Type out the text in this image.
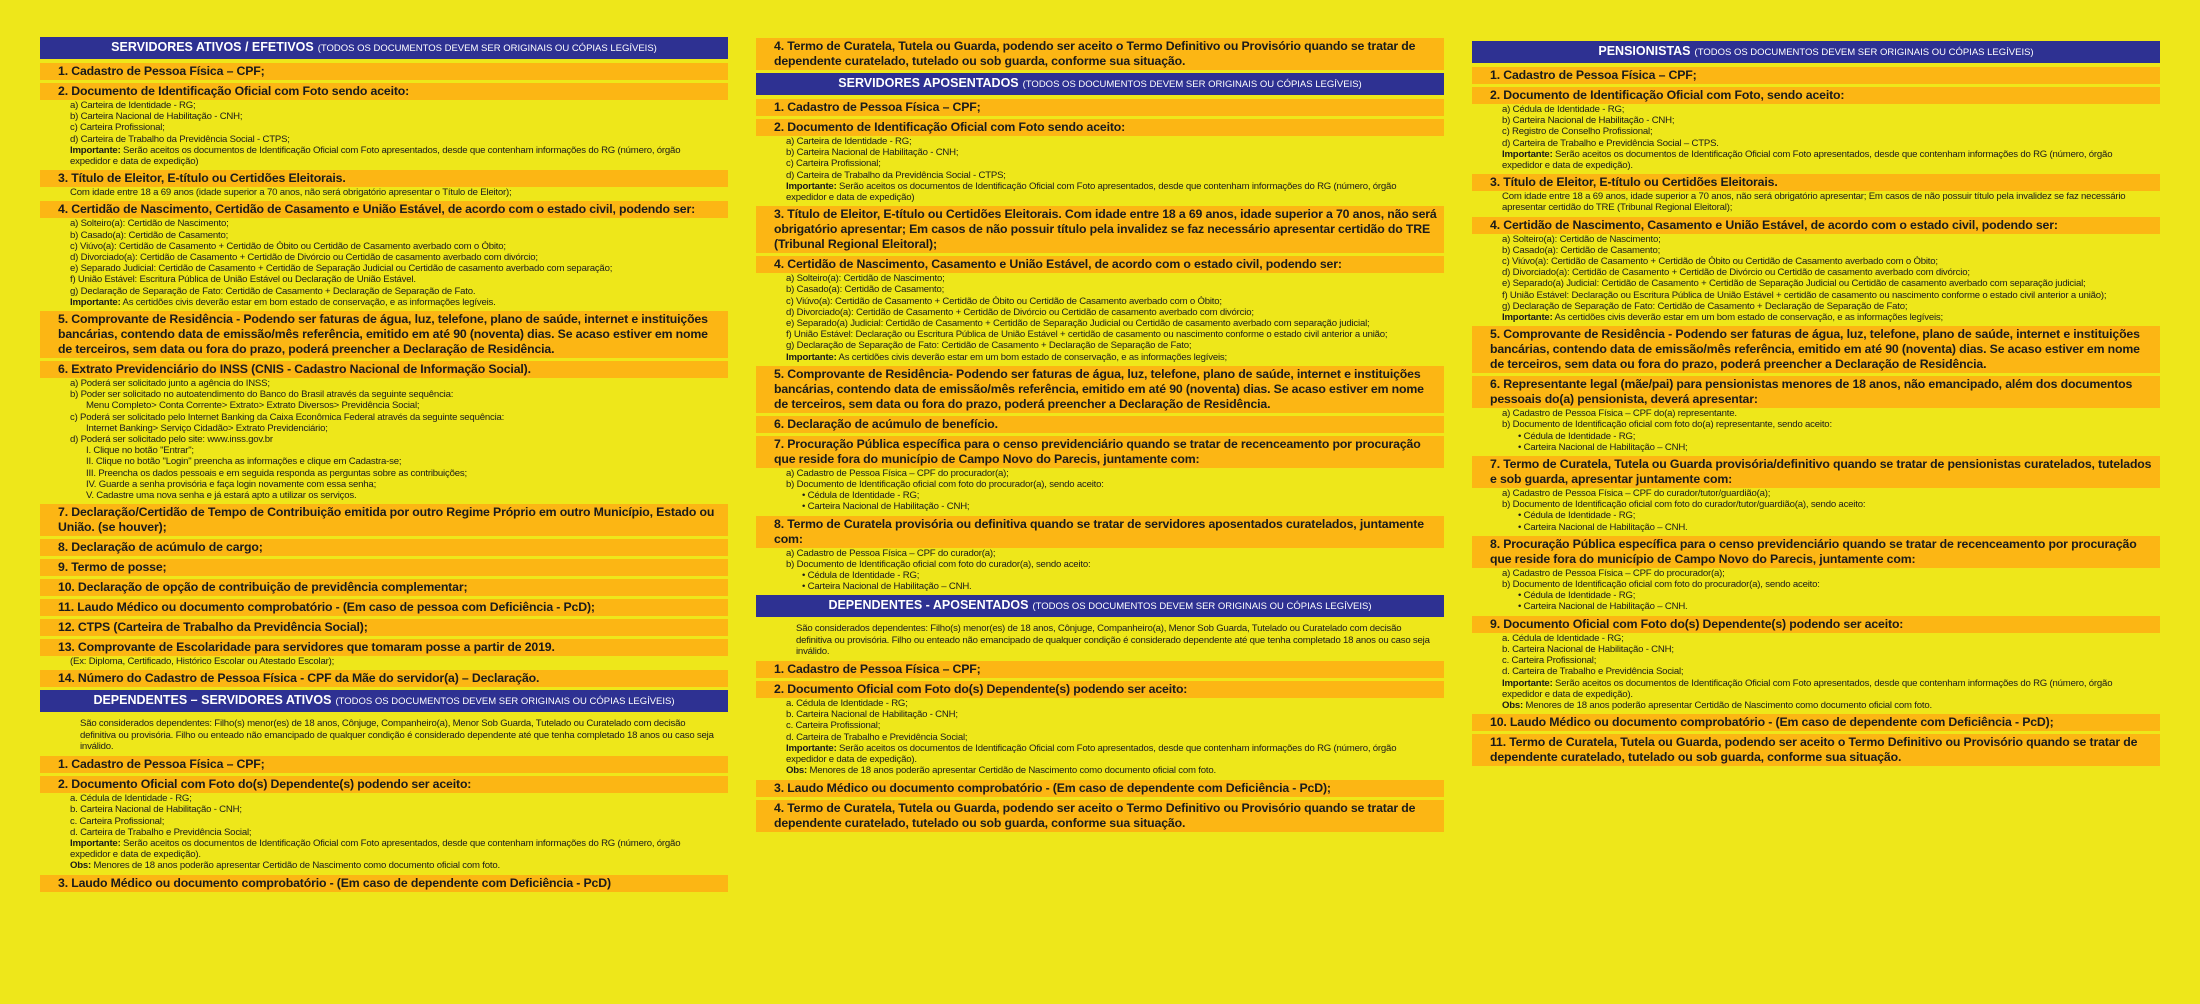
SERVIDORES ATIVOS / EFETIVOS (TODOS OS DOCUMENTOS DEVEM SER ORIGINAIS OU CÓPIAS LEGÍVEIS)
1. Cadastro de Pessoa Física – CPF;
2. Documento de Identificação Oficial com Foto sendo aceito:
a) Carteira de Identidade - RG;
b) Carteira Nacional de Habilitação - CNH;
c) Carteira Profissional;
d) Carteira de Trabalho da Previdência Social - CTPS;
Importante: Serão aceitos os documentos de Identificação Oficial com Foto apresentados, desde que contenham informações do RG (número, órgão
expedidor e data de expedição)
3. Título de Eleitor, E-título ou Certidões Eleitorais.
Com idade entre 18 a 69 anos (idade superior a 70 anos, não será obrigatório apresentar o Título de Eleitor);
4. Certidão de Nascimento, Certidão de Casamento e União Estável, de acordo com o estado civil, podendo ser:
a) Solteiro(a): Certidão de Nascimento;
b) Casado(a): Certidão de Casamento;
c) Viúvo(a): Certidão de Casamento + Certidão de Óbito ou Certidão de Casamento averbado com o Óbito;
d) Divorciado(a): Certidão de Casamento + Certidão de Divórcio ou Certidão de casamento averbado com divórcio;
e) Separado Judicial: Certidão de Casamento + Certidão de Separação Judicial ou Certidão de casamento averbado com separação;
f) União Estável: Escritura Pública de União Estável ou Declaração de União Estável.
g) Declaração de Separação de Fato: Certidão de Casamento + Declaração de Separação de Fato.
Importante: As certidões civis deverão estar em bom estado de conservação, e as informações legíveis.
5. Comprovante de Residência - Podendo ser faturas de água, luz, telefone, plano de saúde, internet e instituições bancárias, contendo data de emissão/mês referência, emitido em até 90 (noventa) dias. Se acaso estiver em nome de terceiros, sem data ou fora do prazo, poderá preencher a Declaração de Residência.
6. Extrato Previdenciário do INSS (CNIS - Cadastro Nacional de Informação Social).
a) Poderá ser solicitado junto a agência do INSS;
b) Poder ser solicitado no autoatendimento do Banco do Brasil através da seguinte sequência:
Menu Completo> Conta Corrente> Extrato> Extrato Diversos> Previdência Social;
c) Poderá ser solicitado pelo Internet Banking da Caixa Econômica Federal através da seguinte sequência:
Internet Banking> Serviço Cidadão> Extrato Previdenciário;
d) Poderá ser solicitado pelo site: www.inss.gov.br
I. Clique no botão "Entrar";
II. Clique no botão "Login" preencha as informações e clique em Cadastra-se;
III. Preencha os dados pessoais e em seguida responda as perguntas sobre as contribuições;
IV. Guarde a senha provisória e faça login novamente com essa senha;
V. Cadastre uma nova senha e já estará apto a utilizar os serviços.
7. Declaração/Certidão de Tempo de Contribuição emitida por outro Regime Próprio em outro Município, Estado ou União. (se houver);
8. Declaração de acúmulo de cargo;
9. Termo de posse;
10. Declaração de opção de contribuição de previdência complementar;
11. Laudo Médico ou documento comprobatório - (Em caso de pessoa com Deficiência - PcD);
12. CTPS (Carteira de Trabalho da Previdência Social);
13. Comprovante de Escolaridade para servidores que tomaram posse a partir de 2019.
(Ex: Diploma, Certificado, Histórico Escolar ou Atestado Escolar);
14. Número do Cadastro de Pessoa Física - CPF da Mãe do servidor(a) – Declaração.
DEPENDENTES – SERVIDORES ATIVOS (TODOS OS DOCUMENTOS DEVEM SER ORIGINAIS OU CÓPIAS LEGÍVEIS)
São considerados dependentes: Filho(s) menor(es) de 18 anos, Cônjuge, Companheiro(a), Menor Sob Guarda, Tutelado ou Curatelado com decisão definitiva ou provisória. Filho ou enteado não emancipado de qualquer condição é considerado dependente até que tenha completado 18 anos ou caso seja inválido.
1. Cadastro de Pessoa Física – CPF;
2. Documento Oficial com Foto do(s) Dependente(s) podendo ser aceito:
a. Cédula de Identidade - RG;
b. Carteira Nacional de Habilitação - CNH;
c. Carteira Profissional;
d. Carteira de Trabalho e Previdência Social;
Importante: Serão aceitos os documentos de Identificação Oficial com Foto apresentados, desde que contenham informações do RG (número, órgão
expedidor e data de expedição).
Obs: Menores de 18 anos poderão apresentar Certidão de Nascimento como documento oficial com foto.
3. Laudo Médico ou documento comprobatório - (Em caso de dependente com Deficiência - PcD)
4. Termo de Curatela, Tutela ou Guarda, podendo ser aceito o Termo Definitivo ou Provisório quando se tratar de dependente curatelado, tutelado ou sob guarda, conforme sua situação.
SERVIDORES APOSENTADOS (TODOS OS DOCUMENTOS DEVEM SER ORIGINAIS OU CÓPIAS LEGÍVEIS)
1. Cadastro de Pessoa Física – CPF;
2. Documento de Identificação Oficial com Foto sendo aceito:
a) Carteira de Identidade - RG;
b) Carteira Nacional de Habilitação - CNH;
c) Carteira Profissional;
d) Carteira de Trabalho da Previdência Social - CTPS;
Importante: Serão aceitos os documentos de Identificação Oficial com Foto apresentados, desde que contenham informações do RG (número, órgão
expedidor e data de expedição)
3. Título de Eleitor, E-título ou Certidões Eleitorais. Com idade entre 18 a 69 anos, idade superior a 70 anos, não será obrigatório apresentar; Em casos de não possuir título pela invalidez se faz necessário apresentar certidão do TRE (Tribunal Regional Eleitoral);
4. Certidão de Nascimento, Casamento e União Estável, de acordo com o estado civil, podendo ser:
a) Solteiro(a): Certidão de Nascimento;
b) Casado(a): Certidão de Casamento;
c) Viúvo(a): Certidão de Casamento + Certidão de Óbito ou Certidão de Casamento averbado com o Óbito;
d) Divorciado(a): Certidão de Casamento + Certidão de Divórcio ou Certidão de casamento averbado com divórcio;
e) Separado(a) Judicial: Certidão de Casamento + Certidão de Separação Judicial ou Certidão de casamento averbado com separação judicial;
f) União Estável: Declaração ou Escritura Pública de União Estável + certidão de casamento ou nascimento conforme o estado civil anterior a união;
g) Declaração de Separação de Fato: Certidão de Casamento + Declaração de Separação de Fato;
Importante: As certidões civis deverão estar em um bom estado de conservação, e as informações legíveis;
5. Comprovante de Residência- Podendo ser faturas de água, luz, telefone, plano de saúde, internet e instituições bancárias, contendo data de emissão/mês referência, emitido em até 90 (noventa) dias. Se acaso estiver em nome de terceiros, sem data ou fora do prazo, poderá preencher a Declaração de Residência.
6. Declaração de acúmulo de benefício.
7. Procuração Pública específica para o censo previdenciário quando se tratar de recenceamento por procuração que reside fora do município de Campo Novo do Parecis, juntamente com:
a) Cadastro de Pessoa Física – CPF do procurador(a);
b) Documento de Identificação oficial com foto do procurador(a), sendo aceito:
• Cédula de Identidade - RG;
• Carteira Nacional de Habilitação - CNH;
8. Termo de Curatela provisória ou definitiva quando se tratar de servidores aposentados curatelados, juntamente com:
a) Cadastro de Pessoa Física – CPF do curador(a);
b) Documento de Identificação oficial com foto do curador(a), sendo aceito:
• Cédula de Identidade - RG;
• Carteira Nacional de Habilitação – CNH.
DEPENDENTES - APOSENTADOS (TODOS OS DOCUMENTOS DEVEM SER ORIGINAIS OU CÓPIAS LEGÍVEIS)
São considerados dependentes: Filho(s) menor(es) de 18 anos, Cônjuge, Companheiro(a), Menor Sob Guarda, Tutelado ou Curatelado com decisão definitiva ou provisória. Filho ou enteado não emancipado de qualquer condição é considerado dependente até que tenha completado 18 anos ou caso seja inválido.
1. Cadastro de Pessoa Física – CPF;
2. Documento Oficial com Foto do(s) Dependente(s) podendo ser aceito:
a. Cédula de Identidade - RG;
b. Carteira Nacional de Habilitação - CNH;
c. Carteira Profissional;
d. Carteira de Trabalho e Previdência Social;
Importante: Serão aceitos os documentos de Identificação Oficial com Foto apresentados, desde que contenham informações do RG (número, órgão
expedidor e data de expedição).
Obs: Menores de 18 anos poderão apresentar Certidão de Nascimento como documento oficial com foto.
3. Laudo Médico ou documento comprobatório - (Em caso de dependente com Deficiência - PcD);
4. Termo de Curatela, Tutela ou Guarda, podendo ser aceito o Termo Definitivo ou Provisório quando se tratar de dependente curatelado, tutelado ou sob guarda, conforme sua situação.
PENSIONISTAS (TODOS OS DOCUMENTOS DEVEM SER ORIGINAIS OU CÓPIAS LEGÍVEIS)
1. Cadastro de Pessoa Física – CPF;
2. Documento de Identificação Oficial com Foto, sendo aceito:
a) Cédula de Identidade - RG;
b) Carteira Nacional de Habilitação - CNH;
c) Registro de Conselho Profissional;
d) Carteira de Trabalho e Previdência Social – CTPS.
Importante: Serão aceitos os documentos de Identificação Oficial com Foto apresentados, desde que contenham informações do RG (número, órgão
expedidor e data de expedição).
3. Título de Eleitor, E-título ou Certidões Eleitorais.
Com idade entre 18 a 69 anos, idade superior a 70 anos, não será obrigatório apresentar; Em casos de não possuir título pela invalidez se faz necessário
apresentar certidão do TRE (Tribunal Regional Eleitoral);
4. Certidão de Nascimento, Casamento e União Estável, de acordo com o estado civil, podendo ser:
a) Solteiro(a): Certidão de Nascimento;
b) Casado(a): Certidão de Casamento;
c) Viúvo(a): Certidão de Casamento + Certidão de Óbito ou Certidão de Casamento averbado com o Óbito;
d) Divorciado(a): Certidão de Casamento + Certidão de Divórcio ou Certidão de casamento averbado com divórcio;
e) Separado(a) Judicial: Certidão de Casamento + Certidão de Separação Judicial ou Certidão de casamento averbado com separação judicial;
f) União Estável: Declaração ou Escritura Pública de União Estável + certidão de casamento ou nascimento conforme o estado civil anterior a união);
g) Declaração de Separação de Fato: Certidão de Casamento + Declaração de Separação de Fato;
Importante: As certidões civis deverão estar em um bom estado de conservação, e as informações legíveis;
5. Comprovante de Residência - Podendo ser faturas de água, luz, telefone, plano de saúde, internet e instituições bancárias, contendo data de emissão/mês referência, emitido em até 90 (noventa) dias. Se acaso estiver em nome de terceiros, sem data ou fora do prazo, poderá preencher a Declaração de Residência.
6. Representante legal (mãe/pai) para pensionistas menores de 18 anos, não emancipado, além dos documentos pessoais do(a) pensionista, deverá apresentar:
a) Cadastro de Pessoa Física – CPF do(a) representante.
b) Documento de Identificação oficial com foto do(a) representante, sendo aceito:
• Cédula de Identidade - RG;
• Carteira Nacional de Habilitação – CNH;
7. Termo de Curatela, Tutela ou Guarda provisória/definitivo quando se tratar de pensionistas curatelados, tutelados e sob guarda, apresentar juntamente com:
a) Cadastro de Pessoa Física – CPF do curador/tutor/guardião(a);
b) Documento de Identificação oficial com foto do curador/tutor/guardião(a), sendo aceito:
• Cédula de Identidade - RG;
• Carteira Nacional de Habilitação – CNH.
8. Procuração Pública específica para o censo previdenciário quando se tratar de recenceamento por procuração que reside fora do município de Campo Novo do Parecis, juntamente com:
a) Cadastro de Pessoa Física – CPF do procurador(a);
b) Documento de Identificação oficial com foto do procurador(a), sendo aceito:
• Cédula de Identidade - RG;
• Carteira Nacional de Habilitação – CNH.
9. Documento Oficial com Foto do(s) Dependente(s) podendo ser aceito:
a. Cédula de Identidade - RG;
b. Carteira Nacional de Habilitação - CNH;
c. Carteira Profissional;
d. Carteira de Trabalho e Previdência Social;
Importante: Serão aceitos os documentos de Identificação Oficial com Foto apresentados, desde que contenham informações do RG (número, órgão
expedidor e data de expedição).
Obs: Menores de 18 anos poderão apresentar Certidão de Nascimento como documento oficial com foto.
10. Laudo Médico ou documento comprobatório - (Em caso de dependente com Deficiência - PcD);
11. Termo de Curatela, Tutela ou Guarda, podendo ser aceito o Termo Definitivo ou Provisório quando se tratar de dependente curatelado, tutelado ou sob guarda, conforme sua situação.
